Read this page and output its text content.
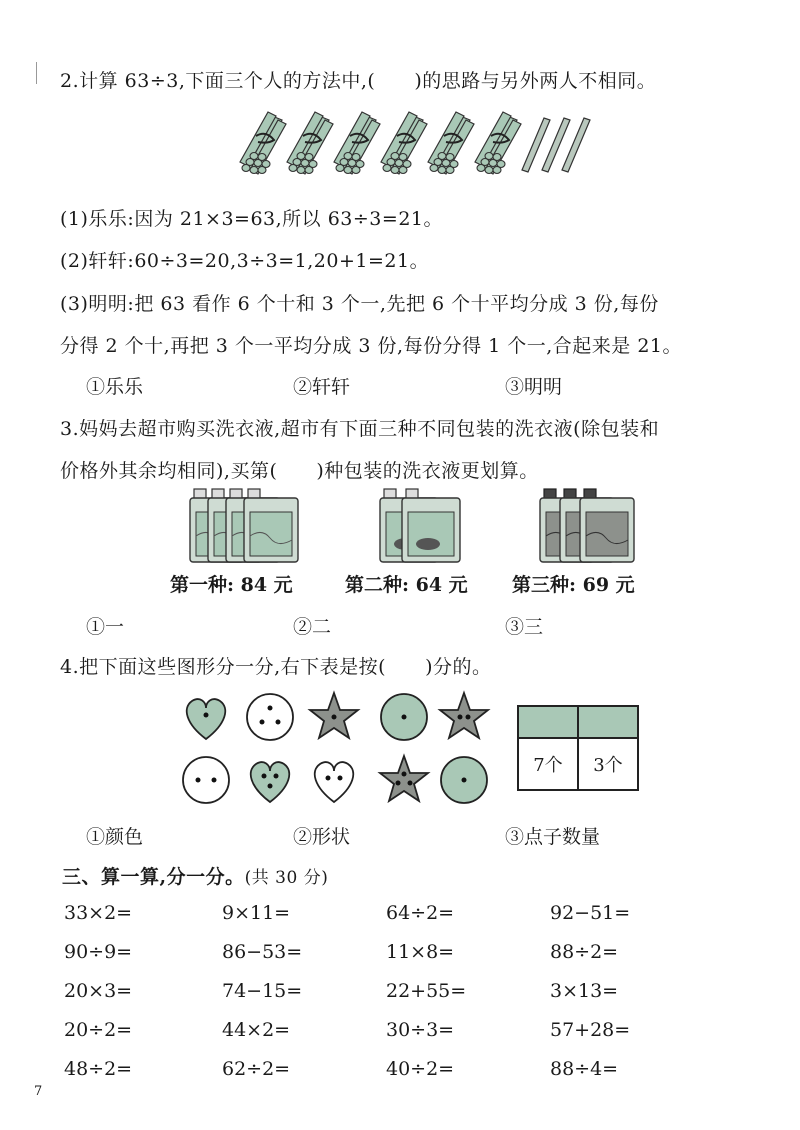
2.计算 63÷3,下面三个人的方法中,(　　)的思路与另外两人不相同。
(1)乐乐:因为 21×3=63,所以 63÷3=21。
(2)轩轩:60÷3=20,3÷3=1,20+1=21。
(3)明明:把 63 看作 6 个十和 3 个一,先把 6 个十平均分成 3 份,每份
分得 2 个十,再把 3 个一平均分成 3 份,每份分得 1 个一,合起来是 21。
①乐乐	②轩轩	③明明
3.妈妈去超市购买洗衣液,超市有下面三种不同包装的洗衣液(除包装和
价格外其余均相同),买第(　　)种包装的洗衣液更划算。
第一种: 84 元	第二种: 64 元 第三种: 69 元
①一	②二	③三
4.把下面这些图形分一分,右下表是按(　　)分的。
7个	3个
①颜色	②形状	③点子数量
三、算一算,分一分。(共 30 分)
33×2=	9×11=	64÷2=	92−51=
90÷9=	86−53=	11×8=	88÷2=
20×3=	74−15=	22+55=	3×13=
20÷2=	44×2=	30÷3=	57+28=
48÷2=	62÷2=	40÷2=	88÷4=
7
